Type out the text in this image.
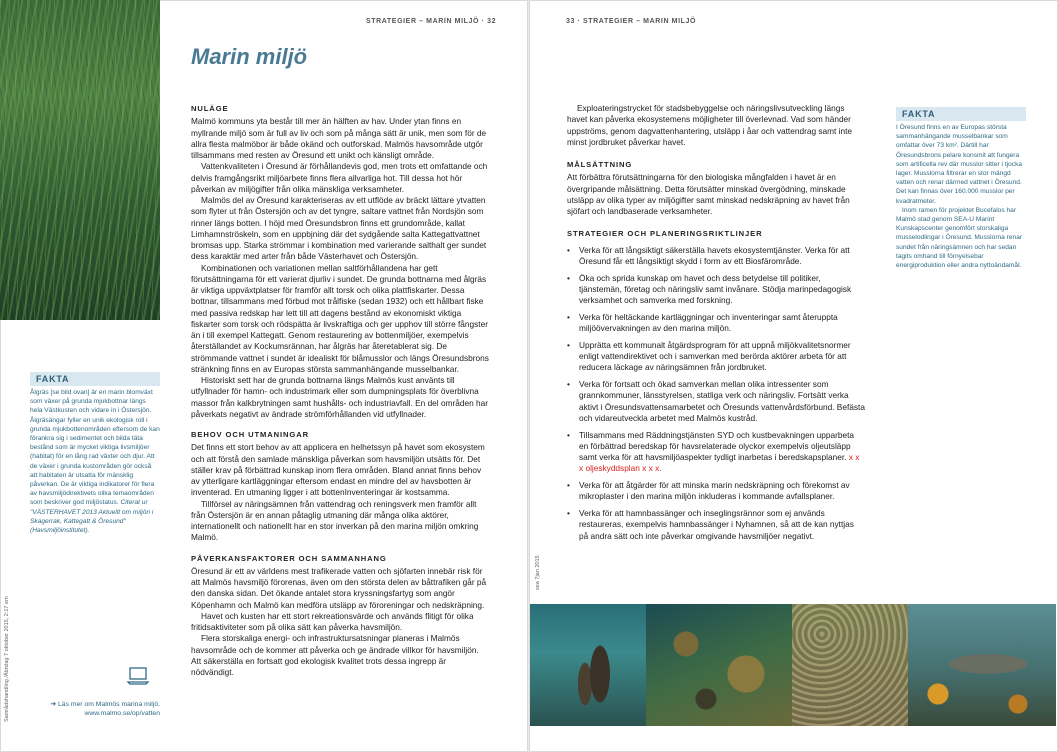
STRATEGIER – MARIN MILJÖ · 32
Marin miljö
NULÄGE

Malmö kommuns yta består till mer än hälften av hav. Under ytan finns en myllrande miljö som är full av liv och som på många sätt är unik, men som för de allra flesta malmöbor är både okänd och outforskad. Malmös havsområde utgör tillsammans med resten av Öresund ett unikt och känsligt område.

Vattenkvaliteten i Öresund är förhållandevis god, men trots ett omfattande och delvis framgångsrikt miljöarbete finns flera allvarliga hot. Till dessa hot hör påverkan av miljögifter från olika mänskliga verksamheter.

Malmös del av Öresund karakteriseras av ett utflöde av bräckt lättare ytvatten som flyter ut från Östersjön och av det tyngre, saltare vattnet från Nordsjön som rinner längs botten. I höjd med Öresundsbron finns ett grundområde, kallat Limhamnströskeln, som en uppbjning där det sydgående salta Kattegattvattnet bromsas upp. Starka strömmar i kombination med varierande salthalt ger sundet dess karaktär med arter från både Västerhavet och Östersjön.

Kombinationen och variationen mellan saltförhållandena har gett förutsättningarna för ett varierat djurliv i sundet. De grunda bottnarna med ålgräs är viktiga uppväxtplatser för framför allt torsk och olika plattfiskarter. Dessa bottnar, tillsammans med förbud mot trålfiske (sedan 1932) och ett hållbart fiske med passiva redskap har lett till att dagens bestånd av ekonomiskt viktiga fiskarter som torsk och rödspätta är livskraftiga och ger upphov till större fångster än i till exempel Kattegatt. Genom restaurering av bottenmiljöer, exempelvis återställandet av Kockumsrännan, har ålgräs har återetablerat sig. De strömmande vattnet i sundet är idealiskt för blåmusslor och längs Öresundsbrons stränkning finns en av Europas största sammanhängande musselbankar.

Historiskt sett har de grunda bottnarna längs Malmös kust använts till utfyllnader för hamn- och industrimark eller som dumpningsplats för överblivna massor från kalkbrytningen samt hushålls- och industriavfall. En del områden har påverkats negativt av ändrade strömförhållanden vid utfyllnader.

BEHOV OCH UTMANINGAR

Det finns ett stort behov av att applicera en helhetssyn på havet som ekosystem och att förstå den samlade mänskliga påverkan som havsmiljön utsätts för. Det ställer krav på förbättrad kunskap inom flera områden. Bland annat finns behov av ytterligare kartläggningar eftersom endast en mindre del av havsbotten är inventerad. En utmaning ligger i att bottenInventeringar är kostsamma.

Tillförsel av näringsämnen från vattendrag och reningsverk men framför allt från Östersjön är en annan påtaglig utmaning där många olika aktörer, internationellt och nationellt har en stor inverkan på den marina miljön omkring Malmö.

PÅVERKANSFAKTORER OCH SAMMANHANG

Öresund är ett av världens mest trafikerade vatten och sjöfarten innebär risk för att Malmös havsmiljö förorenas, även om den största delen av båttrafiken går på den danska sidan. Det ökande antalet stora kryssningsfartyg som angör Köpenhamn och Malmö kan medföra utsläpp av föroreningar och nedskräpning.

Havet och kusten har ett stort rekreationsvärde och används flitigt för olika fritidsaktiviteter som på olika sätt kan påverka havsmiljön.

Flera storskaliga energi- och infrastruktursatsningar planeras i Malmös havsområde och de kommer att påverka och ge ändrade villkor för havsmiljön. Att säkerställa en fortsatt god ekologisk kvalitet trots dessa ingrepp är nödvändigt.

FAKTA
Ålgräs [se bild ovan] är en marin blomväxt som växer på grunda mjukbottnar längs hela Västkusten och vidare in i Östersjön. Ålgräsängar fyller en unik ekologisk roll i grunda mjukbottenområden eftersom de kan förankra sig i sedimentet och bilda täta bestånd som är mycket viktiga livsmiljöer (habitat) för en lång rad växter och djur. Att de växer i grunda kustområden gör också att habitaten är utsatta för mänsklig påverkan. De är viktiga indikatorer för flera av havsmiljödirektivets olika temaområden som beskriver god miljöstatus. Citerat ur "VÄSTERHAVET 2013 Aktuellt om miljön i Skagerrak, Kattegatt & Öresund" (Havsmiljöinstitutet).
Samrådshandling /Äbrslag 7 oktober 2015, 2:17 em	➔ Läs mer om Malmös marina miljö.
www.malmo.se/op/vatten
33 · STRATEGIER – MARIN MILJÖ

Exploateringstrycket för stadsbebyggelse och näringslivsutveckling längs havet kan påverka ekosystemens möjligheter till överlevnad. Vad som händer uppströms, genom dagvattenhantering, utsläpp i åar och vattendrag samt inte minst jordbruket påverkar havet.

MÅLSÄTTNING

Att förbättra förutsättningarna för den biologiska mångfalden i havet är en övergripande målsättning. Detta förutsätter minskad övergödning, minskade utsläpp av olika typer av miljögifter samt minskad nedskräpning av havet från sjöfart och landbaserade verksamheter.

STRATEGIER OCH PLANERINGSRIKTLINJER
• Verka för att långsiktigt säkerställa havets ekosystemtjänster. Verka för att Öresund får ett långsiktigt skydd i form av ett Biosfärområde.
• Öka och sprida kunskap om havet och dess betydelse till politiker, tjänstemän, företag och näringsliv samt invånare. Stödja marinpedagogisk verksamhet och samverka med forskning.
• Verka för heltäckande kartläggningar och inventeringar samt återuppta miljöövervakningen av den marina miljön.
• Upprätta ett kommunalt åtgärdsprogram för att uppnå miljökvalitetsnormer enligt vattendirektivet och i samverkan med berörda aktörer arbeta för att reducera läckage av näringsämnen från jordbruket.
• Verka för fortsatt och ökad samverkan mellan olika intressenter som grannkommuner, länsstyrelsen, statliga verk och näringsliv. Fortsätt verka aktivt i Öresundsvattensamarbetet och Öresunds vattenvårdsförbund. Befästa och vidareutveckla arbetet med Malmös kustråd.
• Tillsammans med Räddningstjänsten SYD och kustbevakningen upparbeta en förbättrad beredskap för havsrelaterade olyckor exempelvis oljeutsläpp samt verka för att havsmiljöaspekter tydligt inarbetas i beredskapsplaner. x x x oljeskyddsplan x x x.
• Verka för att åtgärder för att minska marin nedskräpning och förekomst av mikroplaster i den marina miljön inkluderas i kommande avfallsplaner.
• Verka för att hamnbassänger och inseglingsrännor som ej används restaureras, exempelvis hamnbassänger i Nyhamnen, så att de kan nyttjas på andra sätt och inte påverkar omgivande havsmiljöer negativt.
FAKTA
I Öresund finns en av Europas största sammanhängande musselbankar som omfattar över 73 km². Därtill har Öresundsbrons pelare konsmit att fungera som artificella rev där musslor sitter i tjocka lager. Musslorna filtrerar en stor mängd vatten och renar därmed vattnet i Öresund. Det kan finnas över 160.000 musslor per kvadratmeter.
Inom ramen för projektet Bucefalos har Malmö stad genom SEA-U Marint Kunskapscenter genomfört storskaliga musselodlingar i Öresund. Musslorna renar sundet från näringsämnen och har sedan tagits omhand till förnyelsebar energiproduktion eller andra nyttoändamål.
sea 7jan 2015
